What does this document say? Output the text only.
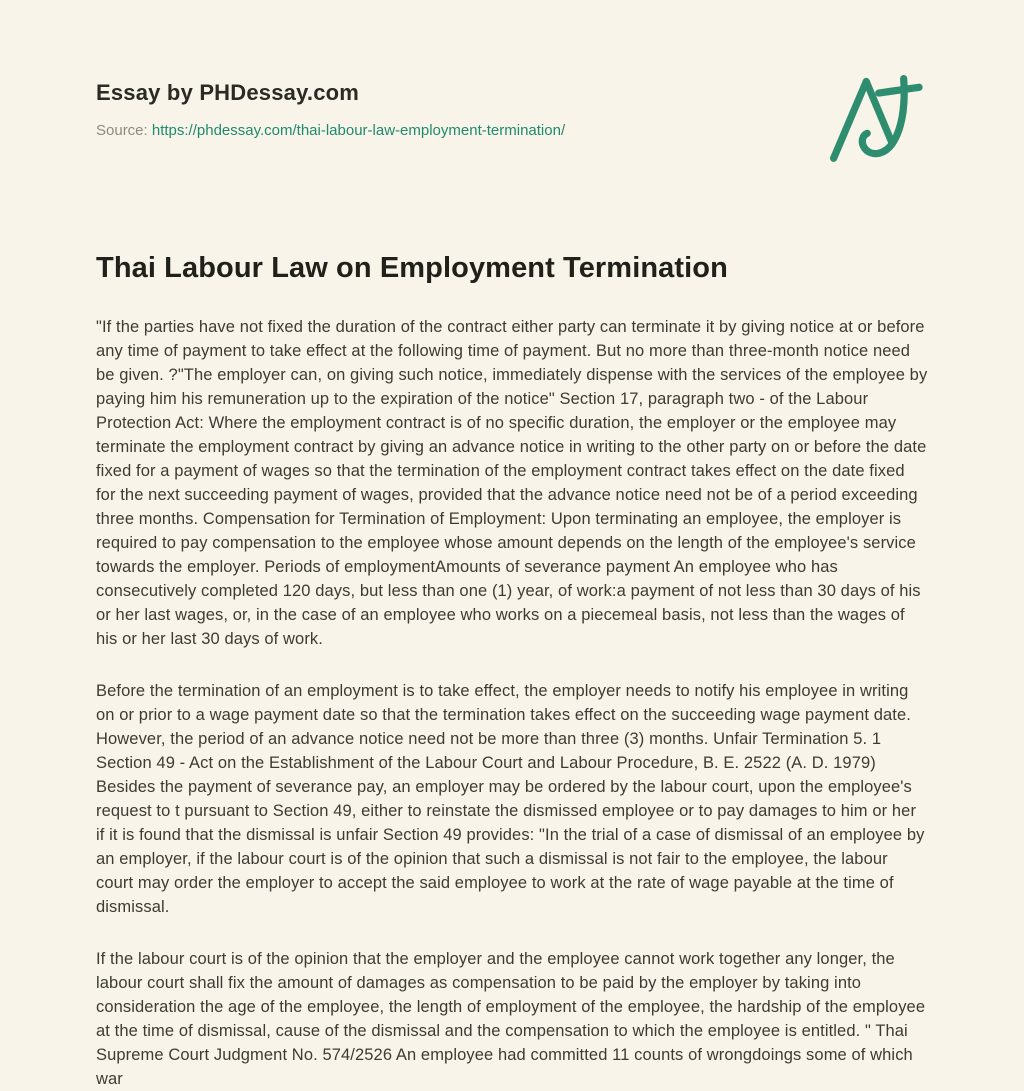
Essay by PHDessay.com

Source: https://phdessay.com/thai-labour-law-employment-termination/

Thai Labour Law on Employment Termination

"If the parties have not fixed the duration of the contract either party can terminate it by giving notice at or before any time of payment to take effect at the following time of payment. But no more than three-month notice need be given. ?"The employer can, on giving such notice, immediately dispense with the services of the employee by paying him his remuneration up to the expiration of the notice" Section 17, paragraph two - of the Labour Protection Act: Where the employment contract is of no specific duration, the employer or the employee may terminate the employment contract by giving an advance notice in writing to the other party on or before the date fixed for a payment of wages so that the termination of the employment contract takes effect on the date fixed for the next succeeding payment of wages, provided that the advance notice need not be of a period exceeding three months. Compensation for Termination of Employment: Upon terminating an employee, the employer is required to pay compensation to the employee whose amount depends on the length of the employee's service towards the employer. Periods of employmentAmounts of severance payment An employee who has consecutively completed 120 days, but less than one (1) year, of work:a payment of not less than 30 days of his or her last wages, or, in the case of an employee who works on a piecemeal basis, not less than the wages of his or her last 30 days of work.

Before the termination of an employment is to take effect, the employer needs to notify his employee in writing on or prior to a wage payment date so that the termination takes effect on the succeeding wage payment date. However, the period of an advance notice need not be more than three (3) months. Unfair Termination 5. 1 Section 49 - Act on the Establishment of the Labour Court and Labour Procedure, B. E. 2522 (A. D. 1979) Besides the payment of severance pay, an employer may be ordered by the labour court, upon the employee's request to t pursuant to Section 49, either to reinstate the dismissed employee or to pay damages to him or her if it is found that the dismissal is unfair Section 49 provides: "In the trial of a case of dismissal of an employee by an employer, if the labour court is of the opinion that such a dismissal is not fair to the employee, the labour court may order the employer to accept the said employee to work at the rate of wage payable at the time of dismissal.

If the labour court is of the opinion that the employer and the employee cannot work together any longer, the labour court shall fix the amount of damages as compensation to be paid by the employer by taking into consideration the age of the employee, the length of employment of the employee, the hardship of the employee at the time of dismissal, cause of the dismissal and the compensation to which the employee is entitled. " Thai Supreme Court Judgment No. 574/2526 An employee had committed 11 counts of wrongdoings some of which war
